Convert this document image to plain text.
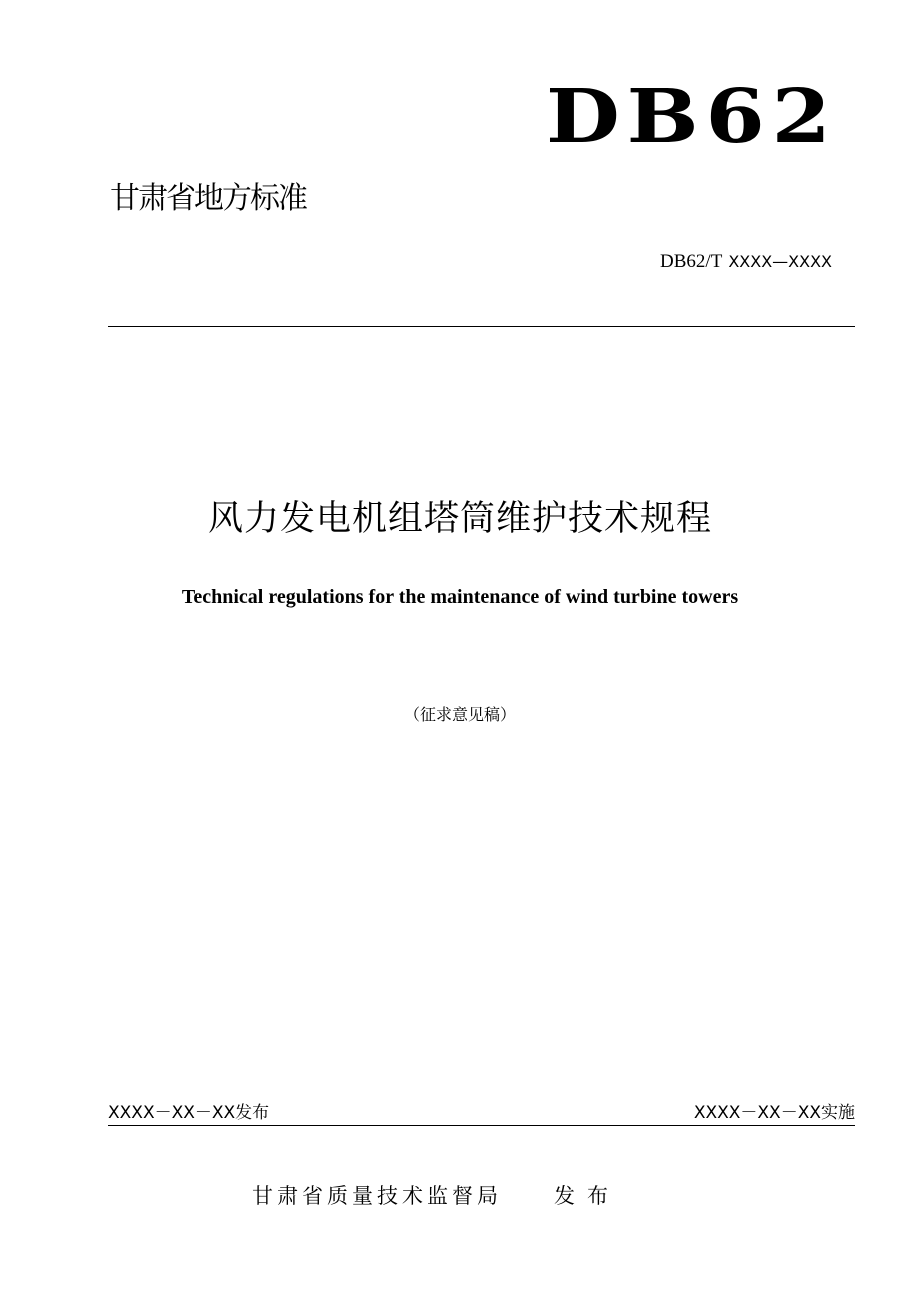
DB62
甘肃省地方标准
DB62/T XXXX—XXXX
风力发电机组塔筒维护技术规程
Technical regulations for the maintenance of wind turbine towers
（征求意见稿）
XXXX－XX－XX发布	XXXX－XX－XX实施
甘肃省质量技术监督局 发布
